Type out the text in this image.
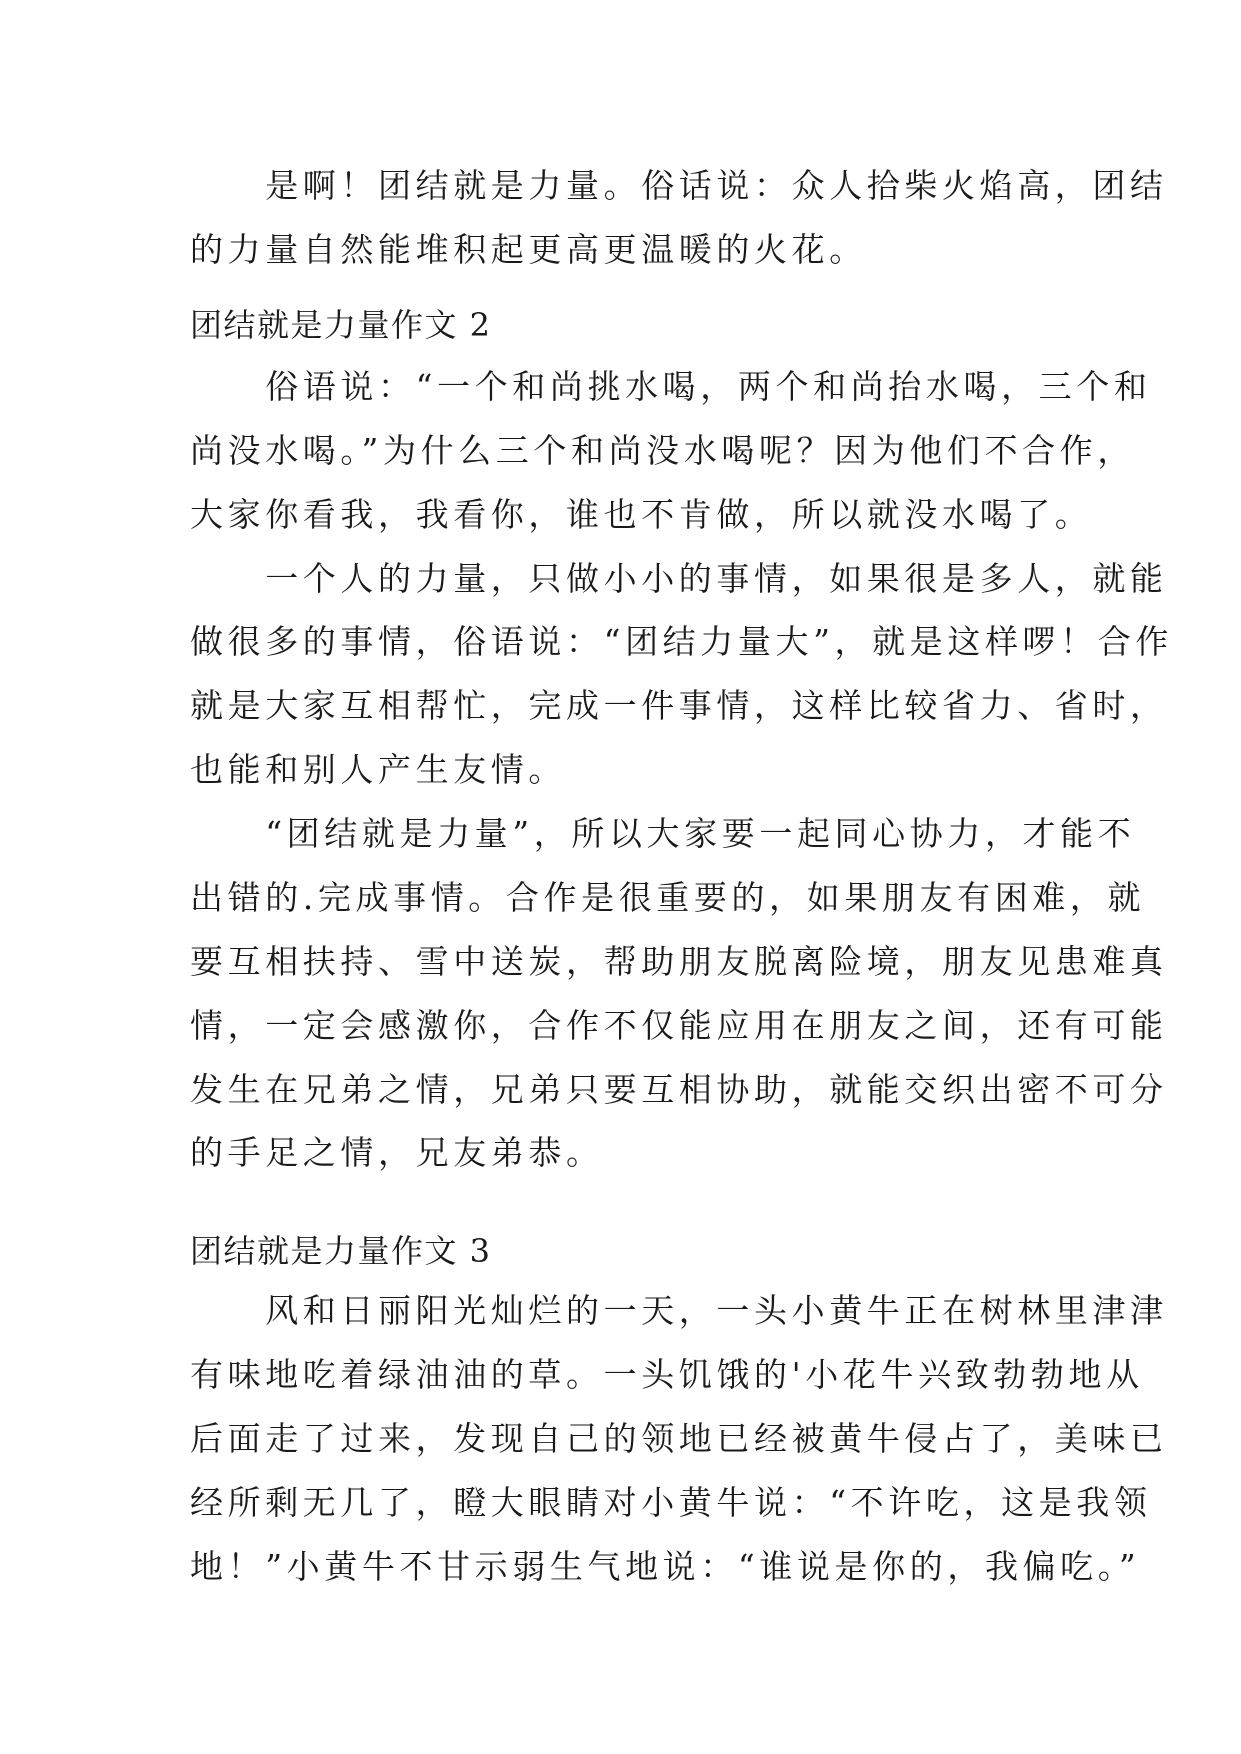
　　是啊！团结就是力量。俗话说：众人拾柴火焰高，团结
的力量自然能堆积起更高更温暖的火花。
团结就是力量作文 2
　　俗语说：“一个和尚挑水喝，两个和尚抬水喝，三个和
尚没水喝。”为什么三个和尚没水喝呢？因为他们不合作，
大家你看我，我看你，谁也不肯做，所以就没水喝了。
　　一个人的力量，只做小小的事情，如果很是多人，就能
做很多的事情，俗语说：“团结力量大”，就是这样啰！合作
就是大家互相帮忙，完成一件事情，这样比较省力、省时，
也能和别人产生友情。
　　“团结就是力量”，所以大家要一起同心协力，才能不
出错的.完成事情。合作是很重要的，如果朋友有困难，就
要互相扶持、雪中送炭，帮助朋友脱离险境，朋友见患难真
情，一定会感激你，合作不仅能应用在朋友之间，还有可能
发生在兄弟之情，兄弟只要互相协助，就能交织出密不可分
的手足之情，兄友弟恭。
团结就是力量作文 3
　　风和日丽阳光灿烂的一天，一头小黄牛正在树林里津津
有味地吃着绿油油的草。一头饥饿的'小花牛兴致勃勃地从
后面走了过来，发现自己的领地已经被黄牛侵占了，美味已
经所剩无几了，瞪大眼睛对小黄牛说：“不许吃，这是我领
地！”小黄牛不甘示弱生气地说：“谁说是你的，我偏吃。”
